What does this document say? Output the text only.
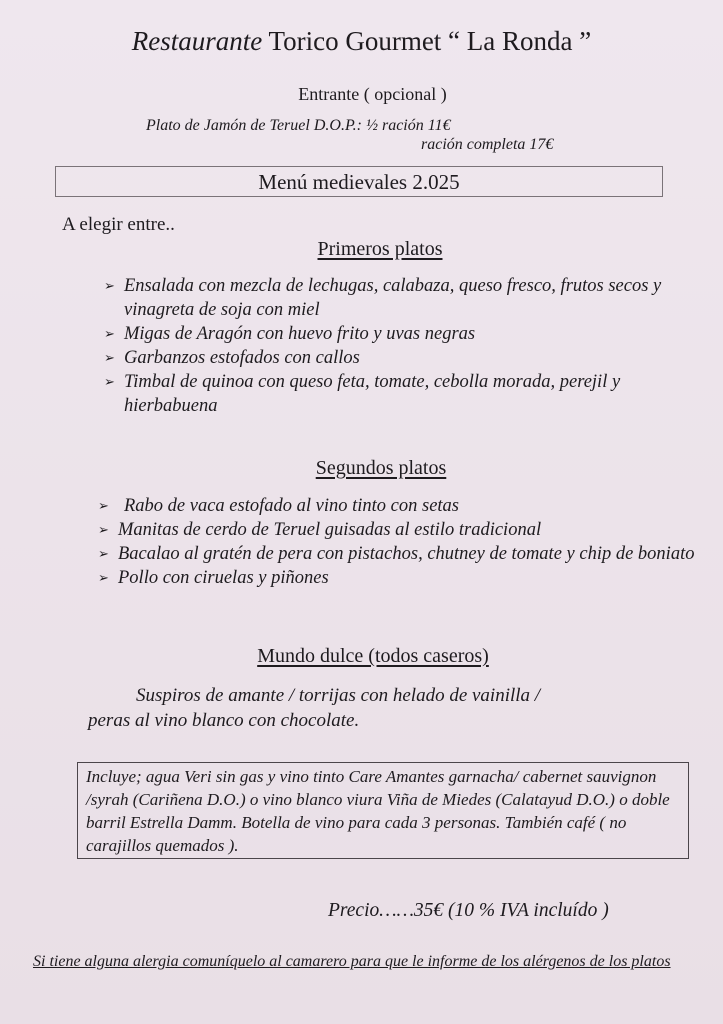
Restaurante Torico Gourmet “ La Ronda ”
Entrante ( opcional )
Plato de Jamón de Teruel D.O.P.: ½ ración 11€
ración completa 17€
Menú medievales 2.025
A elegir entre..
Primeros platos
➢ Ensalada con mezcla de lechugas, calabaza, queso fresco, frutos secos y vinagreta de soja con miel
➢ Migas de Aragón con huevo frito y uvas negras
➢ Garbanzos estofados con callos
➢ Timbal de quinoa con queso feta, tomate, cebolla morada, perejil y hierbabuena
Segundos platos
➢ Rabo de vaca estofado al vino tinto con setas
➢ Manitas de cerdo de Teruel guisadas al estilo tradicional
➢ Bacalao al gratén de pera con pistachos, chutney de tomate y chip de boniato
➢ Pollo con ciruelas y piñones
Mundo dulce (todos caseros)
Suspiros de amante / torrijas con helado de vainilla /
peras al vino blanco con chocolate.
Incluye; agua Veri sin gas y vino tinto Care Amantes garnacha/ cabernet sauvignon /syrah (Cariñena D.O.) o vino blanco viura Viña de Miedes (Calatayud D.O.) o doble barril Estrella Damm. Botella de vino para cada 3 personas. También café ( no carajillos quemados ).
Precio……35€ (10 % IVA incluído )
Si tiene alguna alergia comuníquelo al camarero para que le informe de los alérgenos de los platos
